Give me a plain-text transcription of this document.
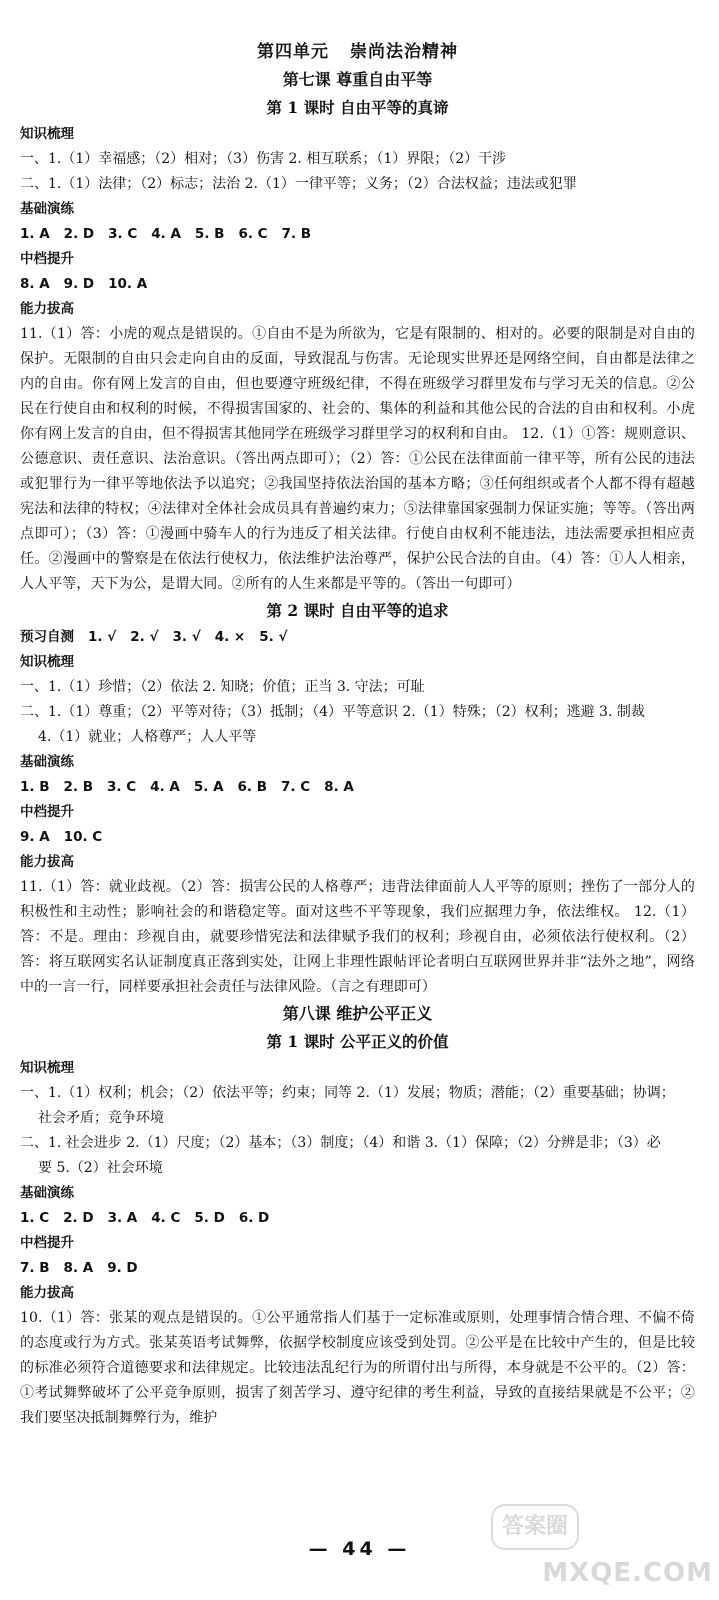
第四单元 崇尚法治精神

第七课 尊重自由平等

第 1 课时 自由平等的真谛

知识梳理

一、1.（1）幸福感；（2）相对；（3）伤害 2. 相互联系；（1）界限；（2）干涉

二、1.（1）法律；（2）标志；法治 2.（1）一律平等；义务；（2）合法权益；违法或犯罪

基础演练

1. A 2. D 3. C 4. A 5. B 6. C 7. B

中档提升

8. A 9. D 10. A

能力拔高

11.（1）答：小虎的观点是错误的。①自由不是为所欲为，它是有限制的、相对的。必要的限制是对自由的保护。无限制的自由只会走向自由的反面，导致混乱与伤害。无论现实世界还是网络空间，自由都是法律之内的自由。你有网上发言的自由，但也要遵守班级纪律，不得在班级学习群里发布与学习无关的信息。②公民在行使自由和权利的时候，不得损害国家的、社会的、集体的利益和其他公民的合法的自由和权利。小虎你有网上发言的自由，但不得损害其他同学在班级学习群里学习的权利和自由。 12.（1）①答：规则意识、公德意识、责任意识、法治意识。（答出两点即可）；（2）答：①公民在法律面前一律平等，所有公民的违法或犯罪行为一律平等地依法予以追究；②我国坚持依法治国的基本方略；③任何组织或者个人都不得有超越宪法和法律的特权；④法律对全体社会成员具有普遍约束力；⑤法律靠国家强制力保证实施；等等。（答出两点即可）；（3）答：①漫画中骑车人的行为违反了相关法律。行使自由权利不能违法，违法需要承担相应责任。②漫画中的警察是在依法行使权力，依法维护法治尊严，保护公民合法的自由。（4）答：①人人相亲，人人平等，天下为公，是谓大同。②所有的人生来都是平等的。（答出一句即可）

第 2 课时 自由平等的追求

预习自测 1. √ 2. √ 3. √ 4. × 5. √

知识梳理

一、1.（1）珍惜；（2）依法 2. 知晓；价值；正当 3. 守法；可耻

二、1.（1）尊重；（2）平等对待；（3）抵制；（4）平等意识 2.（1）特殊；（2）权利；逃避 3. 制裁

4.（1）就业；人格尊严；人人平等

基础演练

1. B 2. B 3. C 4. A 5. A 6. B 7. C 8. A

中档提升

9. A 10. C

能力拔高

11.（1）答：就业歧视。（2）答：损害公民的人格尊严；违背法律面前人人平等的原则；挫伤了一部分人的积极性和主动性；影响社会的和谐稳定等。面对这些不平等现象，我们应据理力争，依法维权。 12.（1）答：不是。理由：珍视自由，就要珍惜宪法和法律赋予我们的权利；珍视自由，必须依法行使权利。（2）答：将互联网实名认证制度真正落到实处，让网上非理性跟帖评论者明白互联网世界并非“法外之地”，网络中的一言一行，同样要承担社会责任与法律风险。（言之有理即可）

第八课 维护公平正义

第 1 课时 公平正义的价值

知识梳理

一、1.（1）权利；机会；（2）依法平等；约束；同等 2.（1）发展；物质；潜能；（2）重要基础；协调；

社会矛盾；竞争环境

二、1. 社会进步 2.（1）尺度；（2）基本；（3）制度；（4）和谐 3.（1）保障；（2）分辨是非；（3）必

要 5.（2）社会环境

基础演练

1. C 2. D 3. A 4. C 5. D 6. D

中档提升

7. B 8. A 9. D

能力拔高

10.（1）答：张某的观点是错误的。①公平通常指人们基于一定标准或原则，处理事情合情合理、不偏不倚的态度或行为方式。张某英语考试舞弊，依据学校制度应该受到处罚。②公平是在比较中产生的，但是比较的标准必须符合道德要求和法律规定。比较违法乱纪行为的所谓付出与所得，本身就是不公平的。（2）答：①考试舞弊破坏了公平竞争原则，损害了刻苦学习、遵守纪律的考生利益，导致的直接结果就是不公平；②我们要坚决抵制舞弊行为，维护

答案圈
— 44 —
MXQE.COM
